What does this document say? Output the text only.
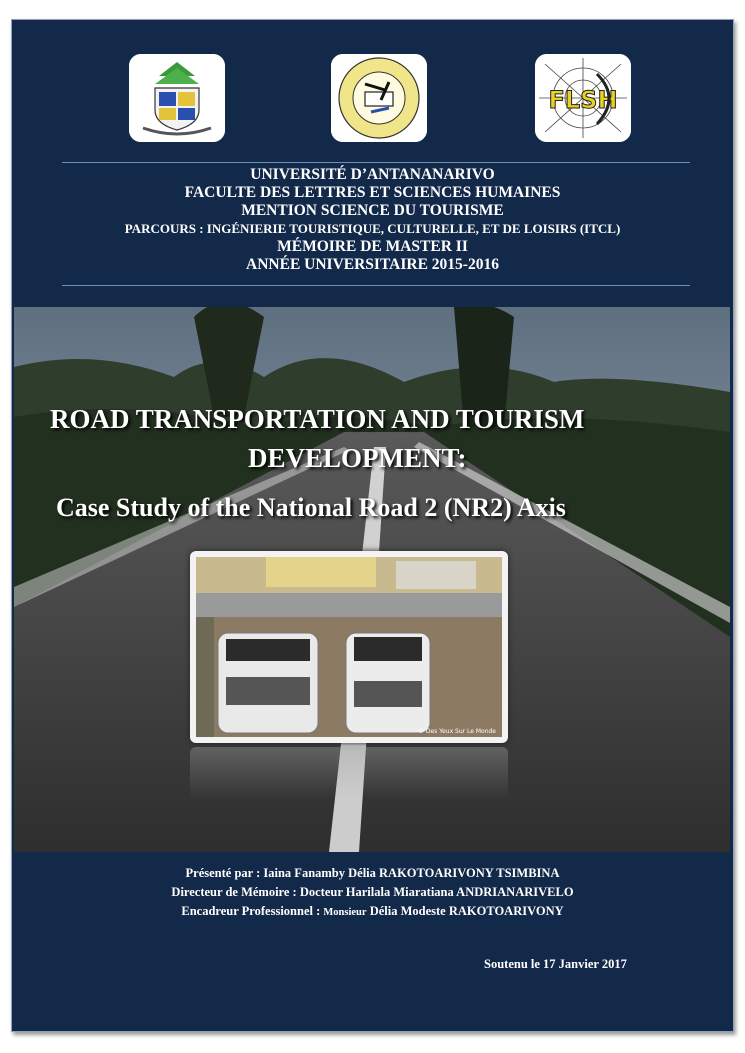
FLSH
UNIVERSITÉ D’ANTANANARIVO
FACULTE DES LETTRES ET SCIENCES HUMAINES
MENTION SCIENCE DU TOURISME
PARCOURS : INGÉNIERIE TOURISTIQUE, CULTURELLE, ET DE LOISIRS (ITCL)
MÉMOIRE DE MASTER II
ANNÉE UNIVERSITAIRE 2015-2016
ROAD TRANSPORTATION AND TOURISM
DEVELOPMENT:
Case Study of the National Road 2 (NR2) Axis
© Des Yeux Sur Le Monde
Présenté par : Iaina Fanamby Délia RAKOTOARIVONY TSIMBINA
Directeur de Mémoire : Docteur Harilala Miaratiana ANDRIANARIVELO
Encadreur Professionnel : Monsieur Délia Modeste RAKOTOARIVONY
Soutenu le 17 Janvier 2017
